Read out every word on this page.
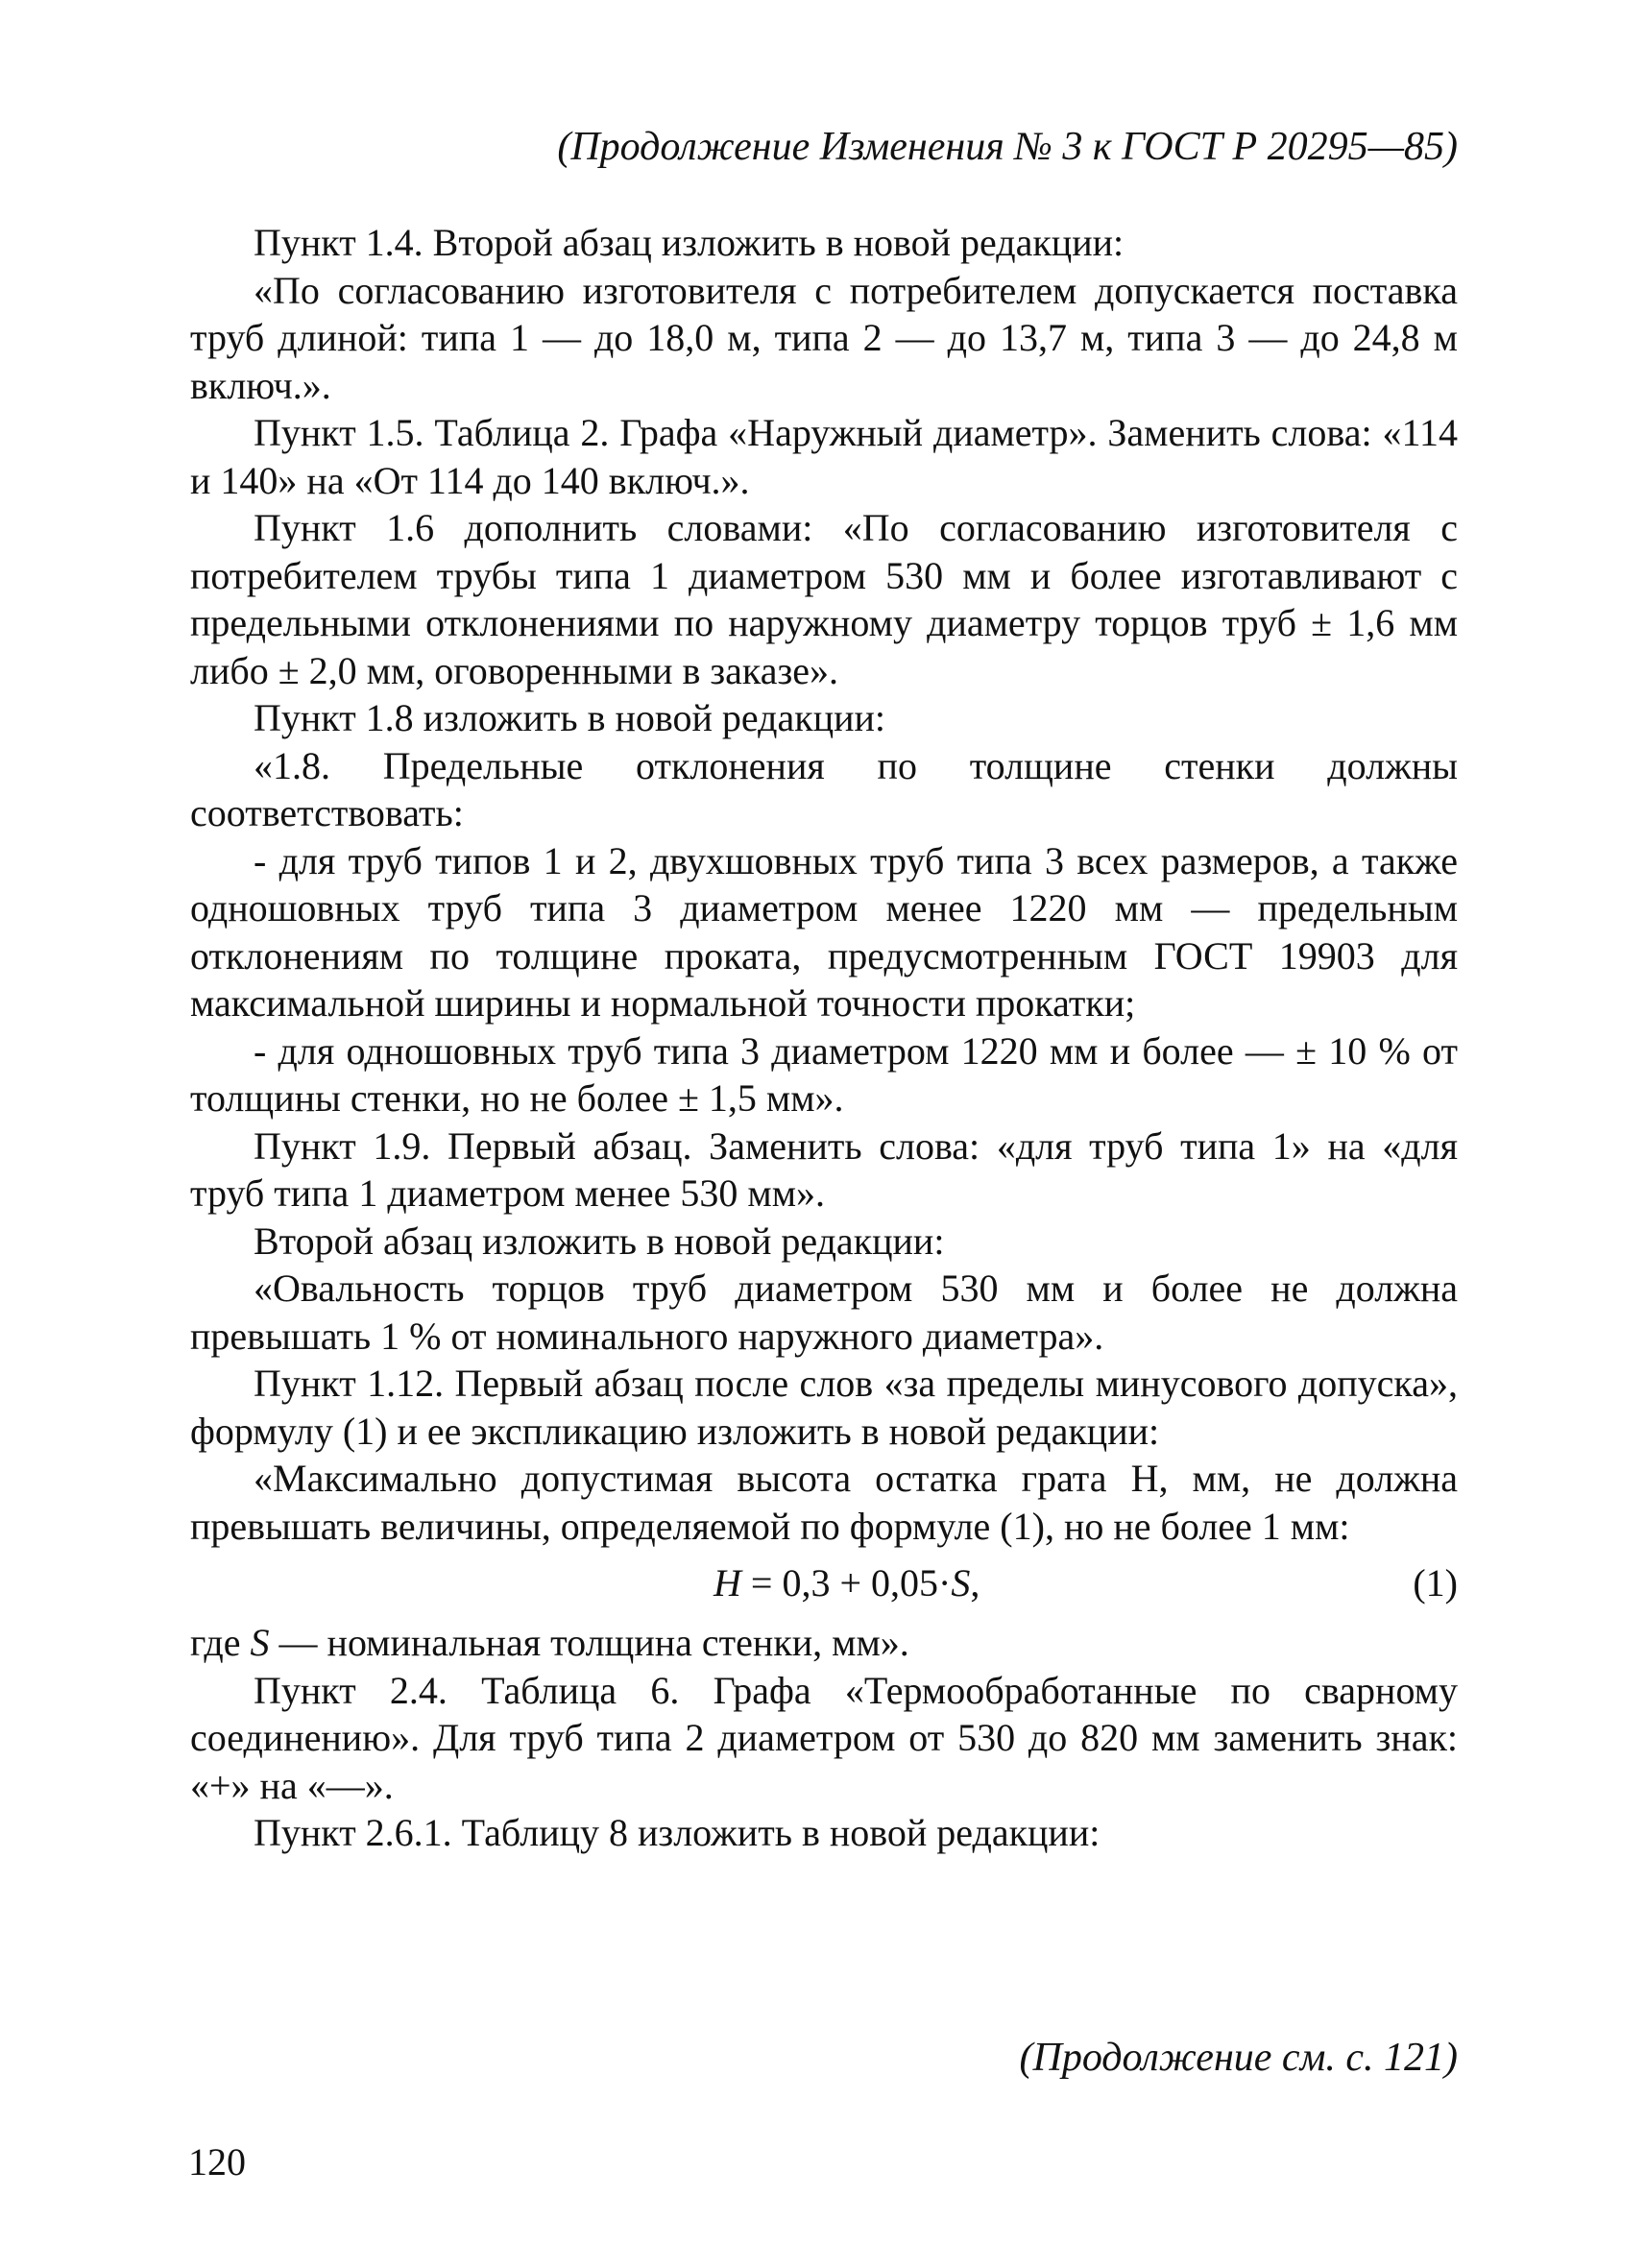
(Продолжение Изменения № 3 к ГОСТ Р 20295—85)

Пункт 1.4. Второй абзац изложить в новой редакции:

«По согласованию изготовителя с потребителем допускается поставка труб длиной: типа 1 — до 18,0 м, типа 2 — до 13,7 м, типа 3 — до 24,8 м включ.».

Пункт 1.5. Таблица 2. Графа «Наружный диаметр». Заменить слова: «114 и 140» на «От 114 до 140 включ.».

Пункт 1.6 дополнить словами: «По согласованию изготовителя с потребителем трубы типа 1 диаметром 530 мм и более изготавливают с предельными отклонениями по наружному диаметру торцов труб ± 1,6 мм либо ± 2,0 мм, оговоренными в заказе».

Пункт 1.8 изложить в новой редакции:

«1.8. Предельные отклонения по толщине стенки должны соответствовать:

- для труб типов 1 и 2, двухшовных труб типа 3 всех размеров, а также одношовных труб типа 3 диаметром менее 1220 мм — предельным отклонениям по толщине проката, предусмотренным ГОСТ 19903 для максимальной ширины и нормальной точности прокатки;

- для одношовных труб типа 3 диаметром 1220 мм и более — ± 10 % от толщины стенки, но не более ± 1,5 мм».

Пункт 1.9. Первый абзац. Заменить слова: «для труб типа 1» на «для труб типа 1 диаметром менее 530 мм».

Второй абзац изложить в новой редакции:

«Овальность торцов труб диаметром 530 мм и более не должна превышать 1 % от номинального наружного диаметра».

Пункт 1.12. Первый абзац после слов «за пределы минусового допуска», формулу (1) и ее экспликацию изложить в новой редакции:

«Максимально допустимая высота остатка грата H, мм, не должна превышать величины, определяемой по формуле (1), но не более 1 мм:

H = 0,3 + 0,05·S,	(1)

где S — номинальная толщина стенки, мм».

Пункт 2.4. Таблица 6. Графа «Термообработанные по сварному соединению». Для труб типа 2 диаметром от 530 до 820 мм заменить знак: «+» на «—».

Пункт 2.6.1. Таблицу 8 изложить в новой редакции:

(Продолжение см. с. 121)
120
